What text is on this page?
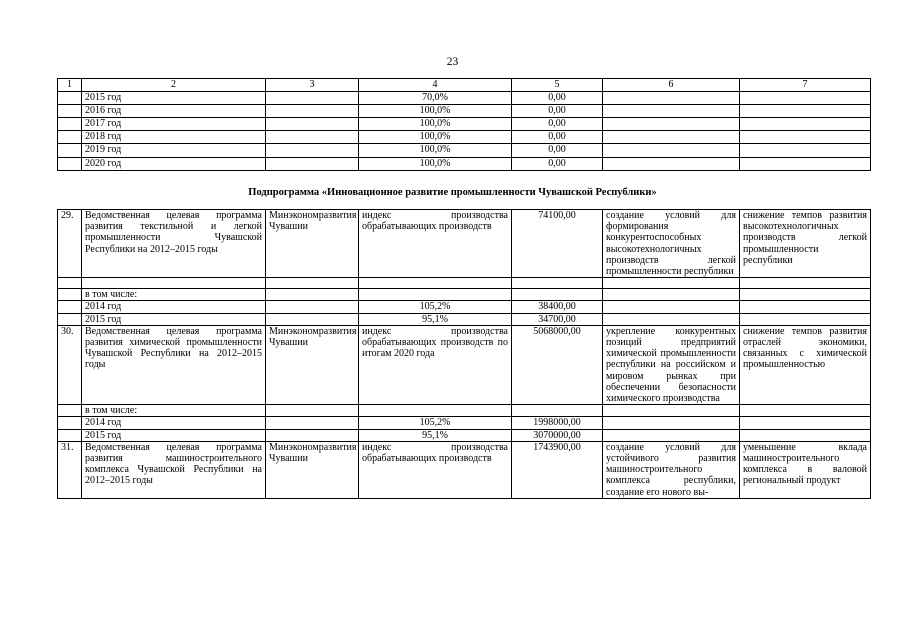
23
1	2	3	4	5	6	7
	2015 год		70,0%	0,00		
	2016 год		100,0%	0,00		
	2017 год		100,0%	0,00		
	2018 год		100,0%	0,00		
	2019 год		100,0%	0,00		
	2020 год		100,0%	0,00		
Подпрограмма «Инновационное развитие промышленности Чувашской Республики»
29.	Ведомственная целевая программа развития текстильной и легкой промышленности Чувашской Республики на 2012–2015 годы	Минэкономразвития Чувашии	индекс производства обрабатывающих производств	74100,00	создание условий для формирования конкурентоспособных высокотехнологичных производств легкой промышленности республики	снижение темпов развития высокотехнологичных производств легкой промышленности республики

	в том числе:					
	2014 год		105,2%	38400,00		
	2015 год		95,1%	34700,00		
30.	Ведомственная целевая программа развития химической промышленности Чувашской Республики на 2012–2015 годы	Минэкономразвития Чувашии	индекс производства обрабатывающих производств по итогам 2020 года	5068000,00	укрепление конкурентных позиций предприятий химической промышленности республики на российском и мировом рынках при обеспечении безопасности химического производства	снижение темпов развития отраслей экономики, связанных с химической промышленностью
	в том числе:					
	2014 год		105,2%	1998000,00		
	2015 год		95,1%	3070000,00		
31.	Ведомственная целевая программа развития машиностроительного комплекса Чувашской Республики на 2012–2015 годы	Минэкономразвития Чувашии	индекс производства обрабатывающих производств	1743900,00	создание условий для устойчивого развития машиностроительного комплекса республики, создание его нового вы-	уменьшение вклада машиностроительного комплекса в валовой региональный продукт
